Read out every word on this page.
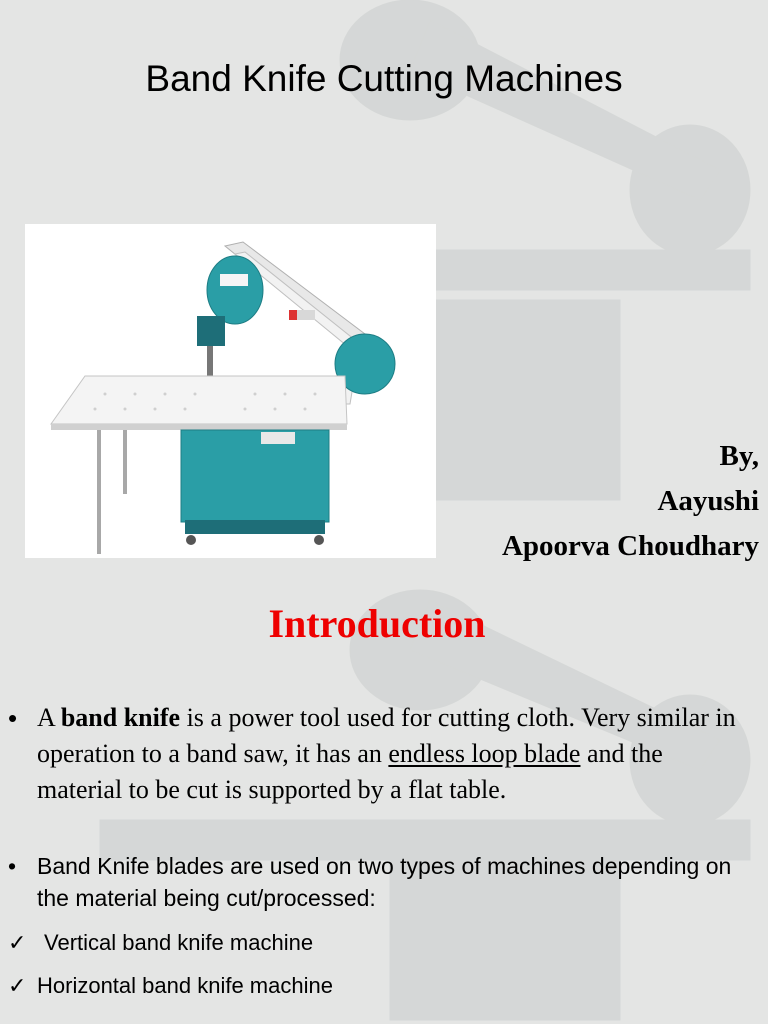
Band Knife Cutting Machines
By,
Aayushi
Apoorva Choudhary
Introduction
• A band knife is a power tool used for cutting cloth. Very similar in operation to a band saw, it has an endless loop blade and the material to be cut is supported by a flat table.
• Band Knife blades are used on two types of machines depending on the material being cut/processed:
✓ Vertical band knife machine
✓ Horizontal band knife machine
